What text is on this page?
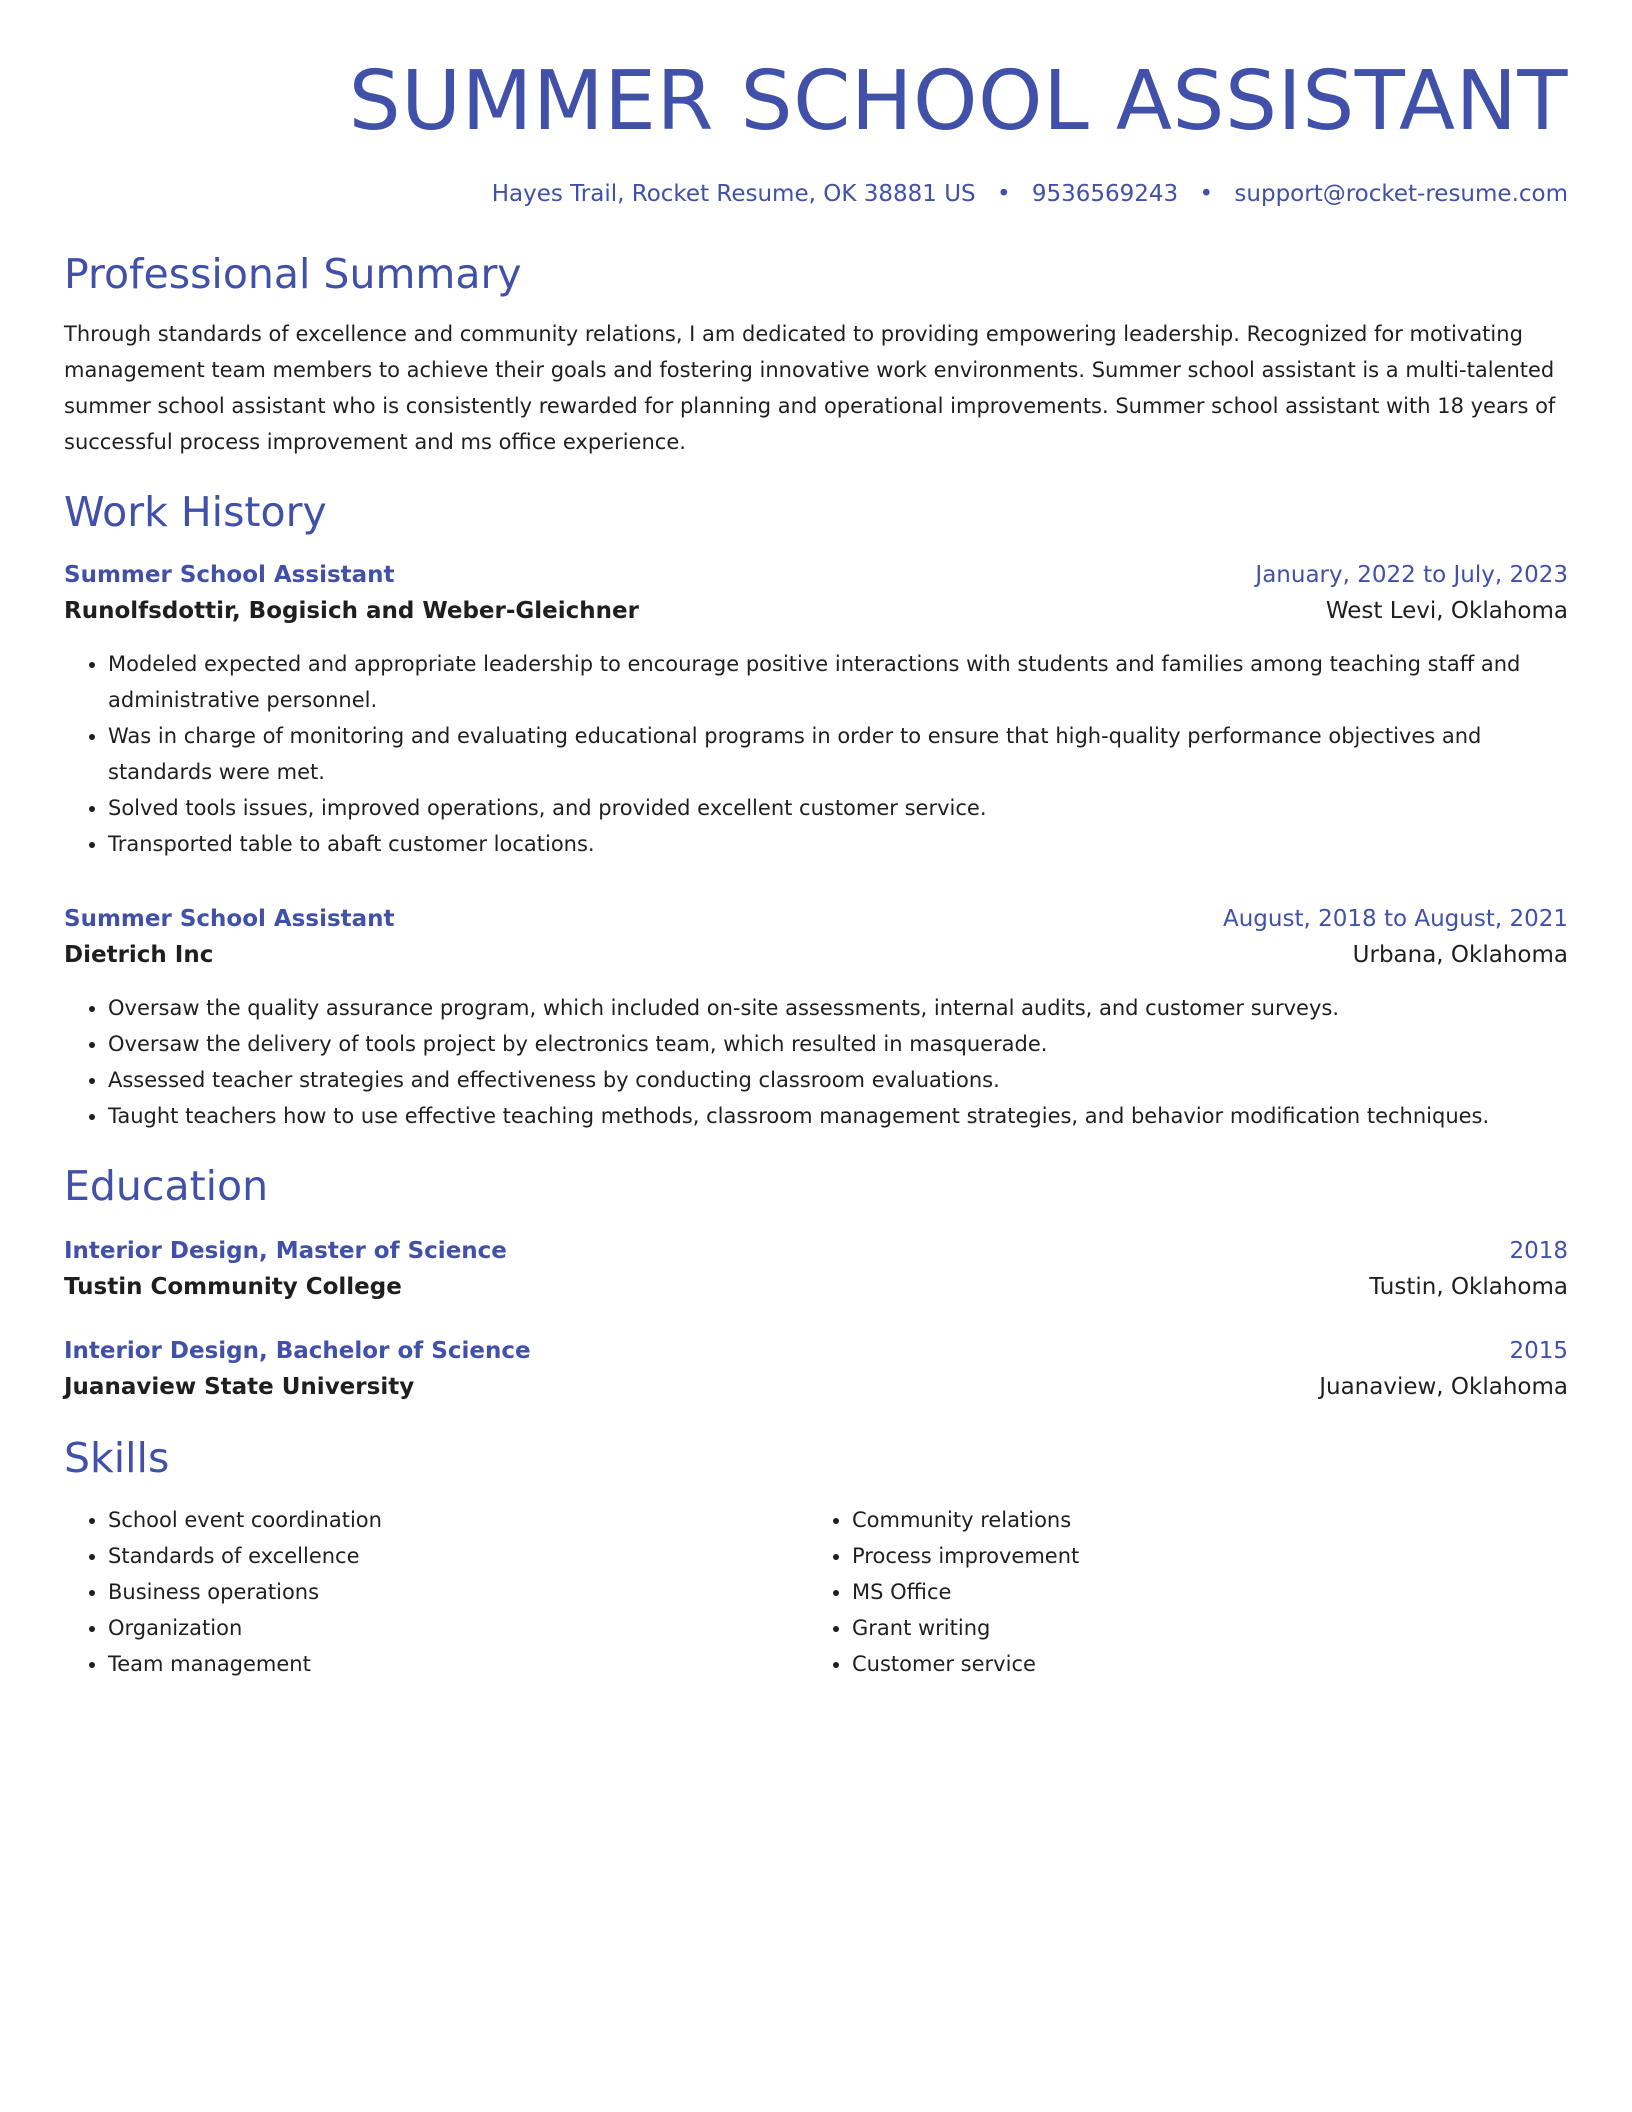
SUMMER SCHOOL ASSISTANT
Hayes Trail, Rocket Resume, OK 38881 US • 9536569243 • support@rocket-resume.com
Professional Summary
Through standards of excellence and community relations, I am dedicated to providing empowering leadership. Recognized for motivating management team members to achieve their goals and fostering innovative work environments. Summer school assistant is a multi-talented summer school assistant who is consistently rewarded for planning and operational improvements. Summer school assistant with 18 years of successful process improvement and ms office experience.
Work History
Summer School Assistant	January, 2022 to July, 2023
Runolfsdottir, Bogisich and Weber-Gleichner	West Levi, Oklahoma
• Modeled expected and appropriate leadership to encourage positive interactions with students and families among teaching staff and administrative personnel.
• Was in charge of monitoring and evaluating educational programs in order to ensure that high-quality performance objectives and standards were met.
• Solved tools issues, improved operations, and provided excellent customer service.
• Transported table to abaft customer locations.
Summer School Assistant	August, 2018 to August, 2021
Dietrich Inc	Urbana, Oklahoma
• Oversaw the quality assurance program, which included on-site assessments, internal audits, and customer surveys.
• Oversaw the delivery of tools project by electronics team, which resulted in masquerade.
• Assessed teacher strategies and effectiveness by conducting classroom evaluations.
• Taught teachers how to use effective teaching methods, classroom management strategies, and behavior modification techniques.
Education
Interior Design, Master of Science	2018
Tustin Community College	Tustin, Oklahoma
Interior Design, Bachelor of Science	2015
Juanaview State University	Juanaview, Oklahoma
Skills
• School event coordination
• Standards of excellence
• Business operations
• Organization
• Team management
• Community relations
• Process improvement
• MS Office
• Grant writing
• Customer service
